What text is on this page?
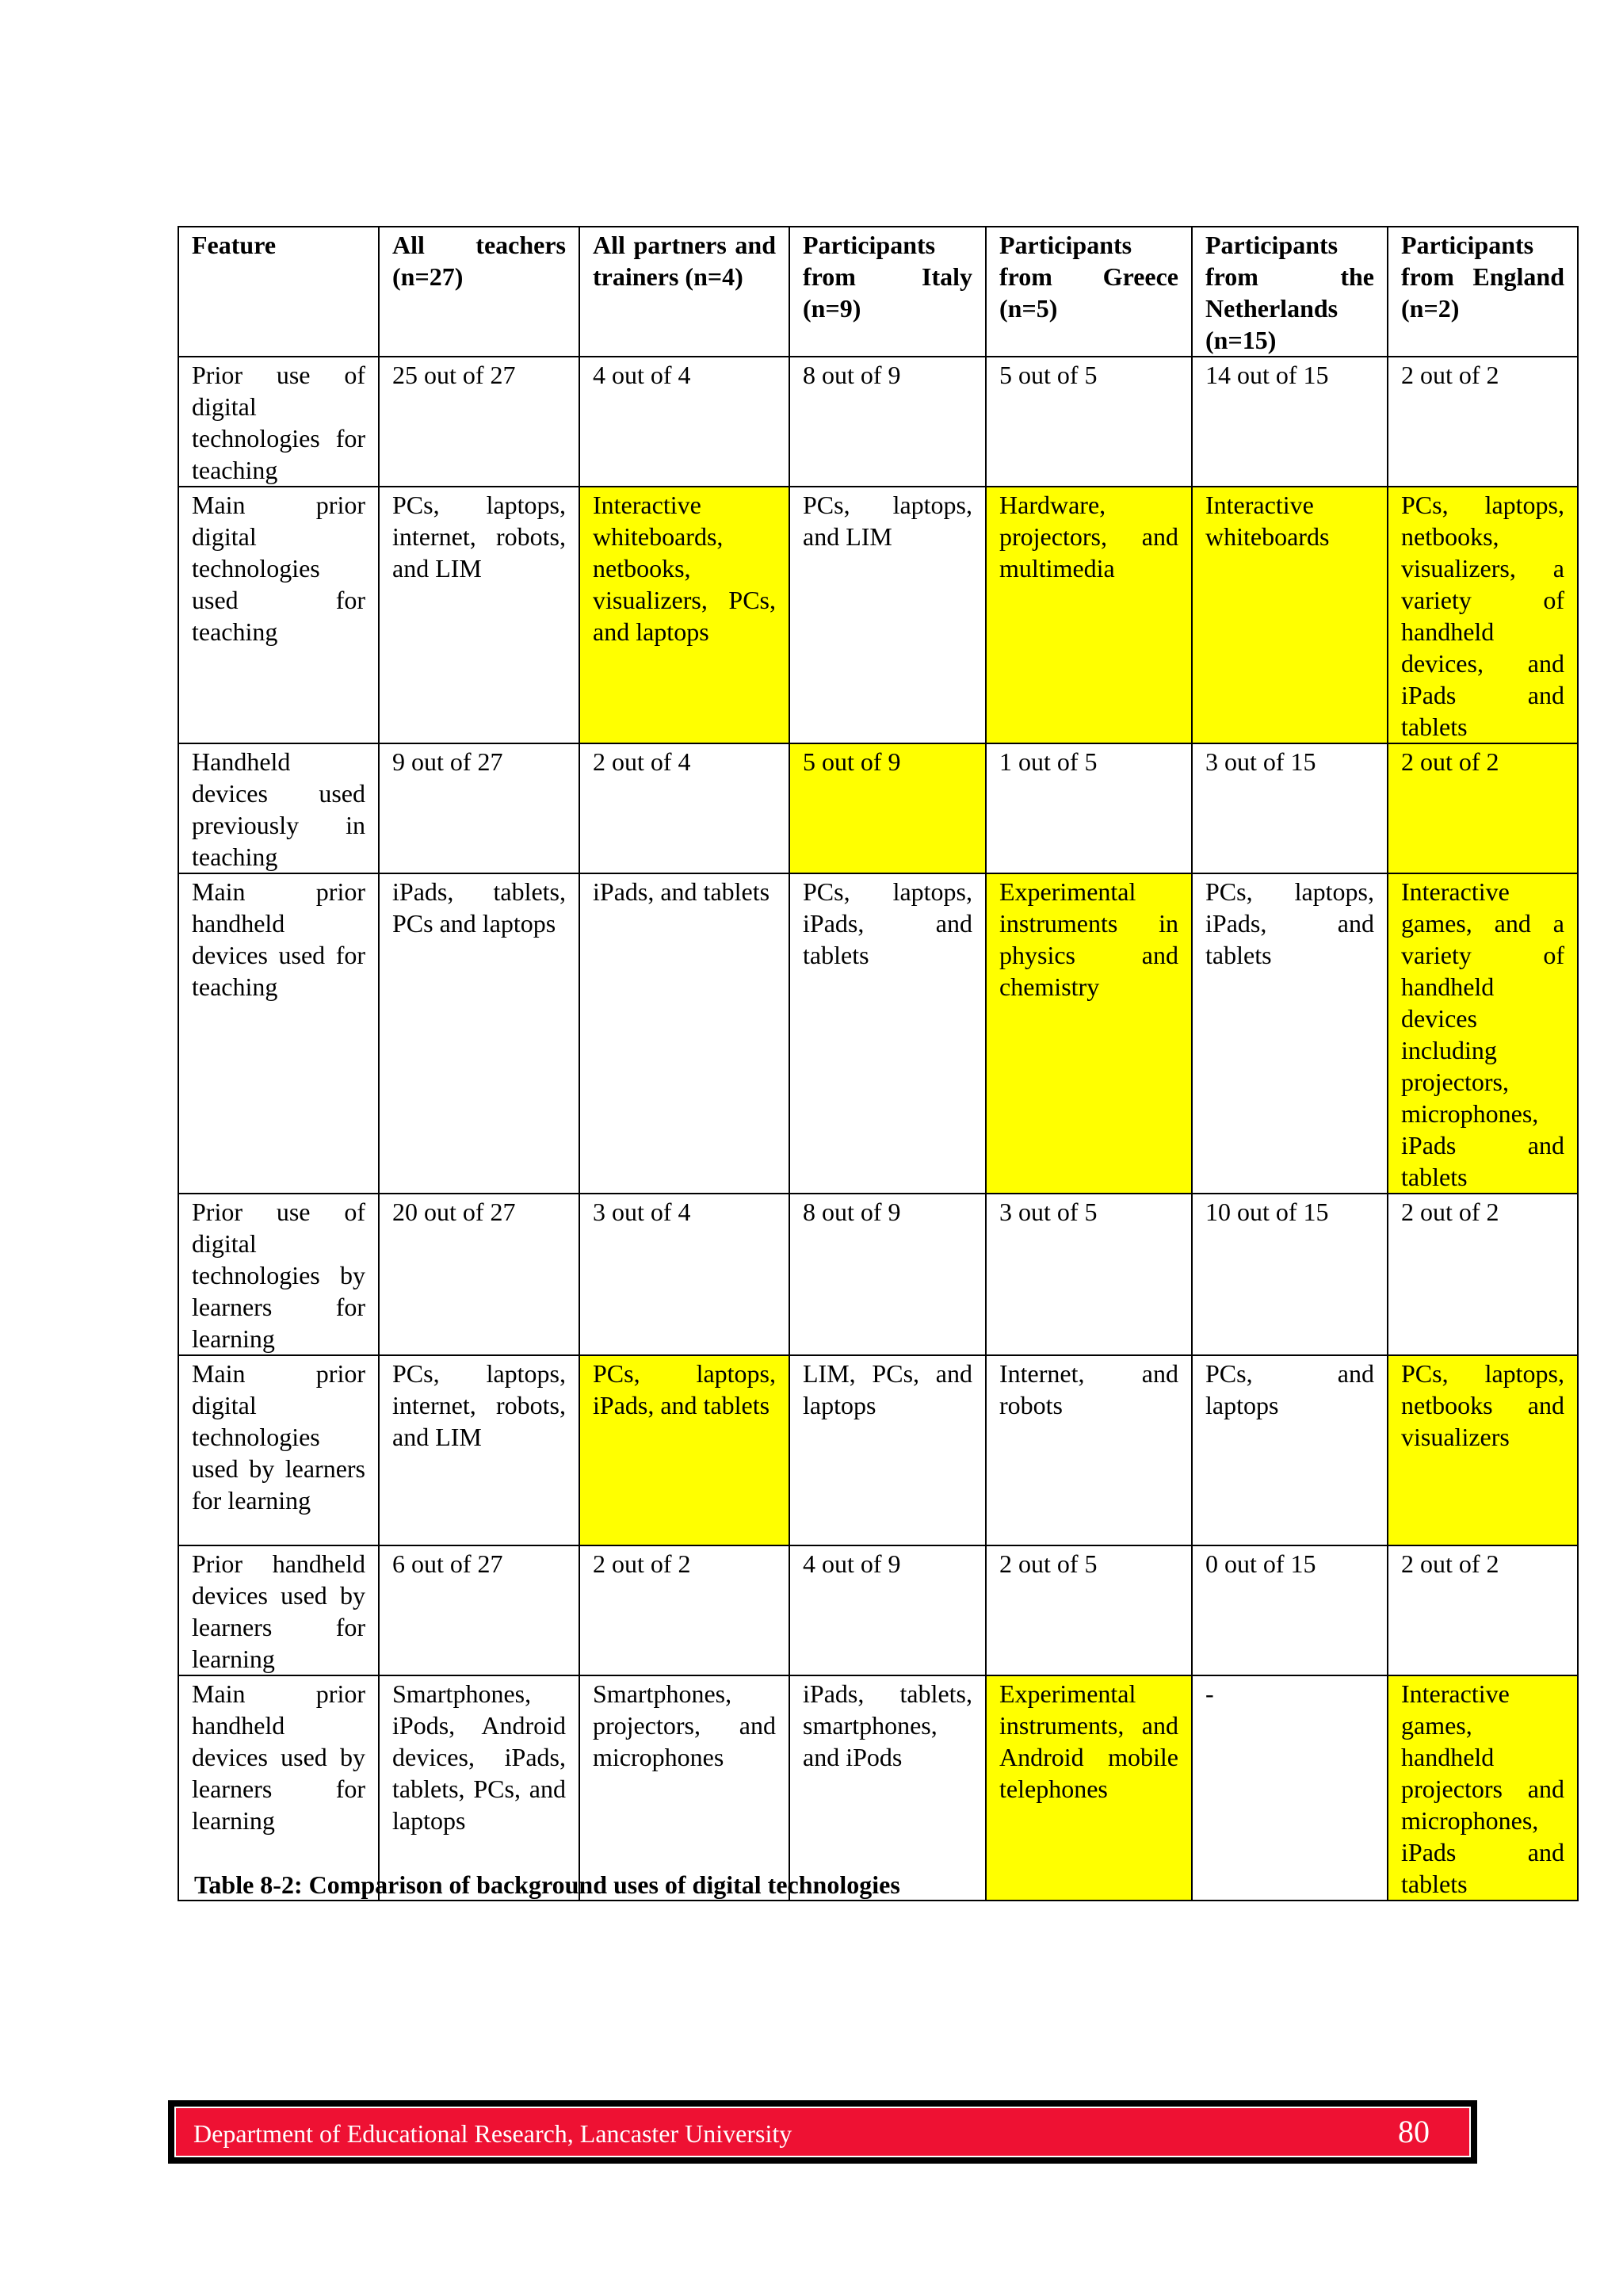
Feature	All teachers (n=27)	All partners and trainers (n=4)	Participants from Italy (n=9)	Participants from Greece (n=5)	Participants from the Netherlands (n=15)	Participants from England (n=2)
Prior use of digital technologies for teaching	25 out of 27	4 out of 4	8 out of 9	5 out of 5	14 out of 15	2 out of 2
Main prior digital technologies used for teaching	PCs, laptops, internet, robots, and LIM	Interactive whiteboards, netbooks, visualizers, PCs, and laptops	PCs, laptops, and LIM	Hardware, projectors, and multimedia	Interactive whiteboards	PCs, laptops, netbooks, visualizers, a variety of handheld devices, and iPads and tablets
Handheld devices used previously in teaching	9 out of 27	2 out of 4	5 out of 9	1 out of 5	3 out of 15	2 out of 2
Main prior handheld devices used for teaching	iPads, tablets, PCs and laptops	iPads, and tablets	PCs, laptops, iPads, and tablets	Experimental instruments in physics and chemistry	PCs, laptops, iPads, and tablets	Interactive games, and a variety of handheld devices including projectors, microphones, iPads and tablets
Prior use of digital technologies by learners for learning	20 out of 27	3 out of 4	8 out of 9	3 out of 5	10 out of 15	2 out of 2
Main prior digital technologies used by learners for learning	PCs, laptops, internet, robots, and LIM	PCs, laptops, iPads, and tablets	LIM, PCs, and laptops	Internet, and robots	PCs, and laptops	PCs, laptops, netbooks and visualizers
Prior handheld devices used by learners for learning	6 out of 27	2 out of 2	4 out of 9	2 out of 5	0 out of 15	2 out of 2
Main prior handheld devices used by learners for learning	Smartphones, iPods, Android devices, iPads, tablets, PCs, and laptops	Smartphones, projectors, and microphones	iPads, tablets, smartphones, and iPods	Experimental instruments, and Android mobile telephones	-	Interactive games, handheld projectors and microphones, iPads and tablets
Table 8-2: Comparison of background uses of digital technologies
Department of Educational Research, Lancaster University	80
